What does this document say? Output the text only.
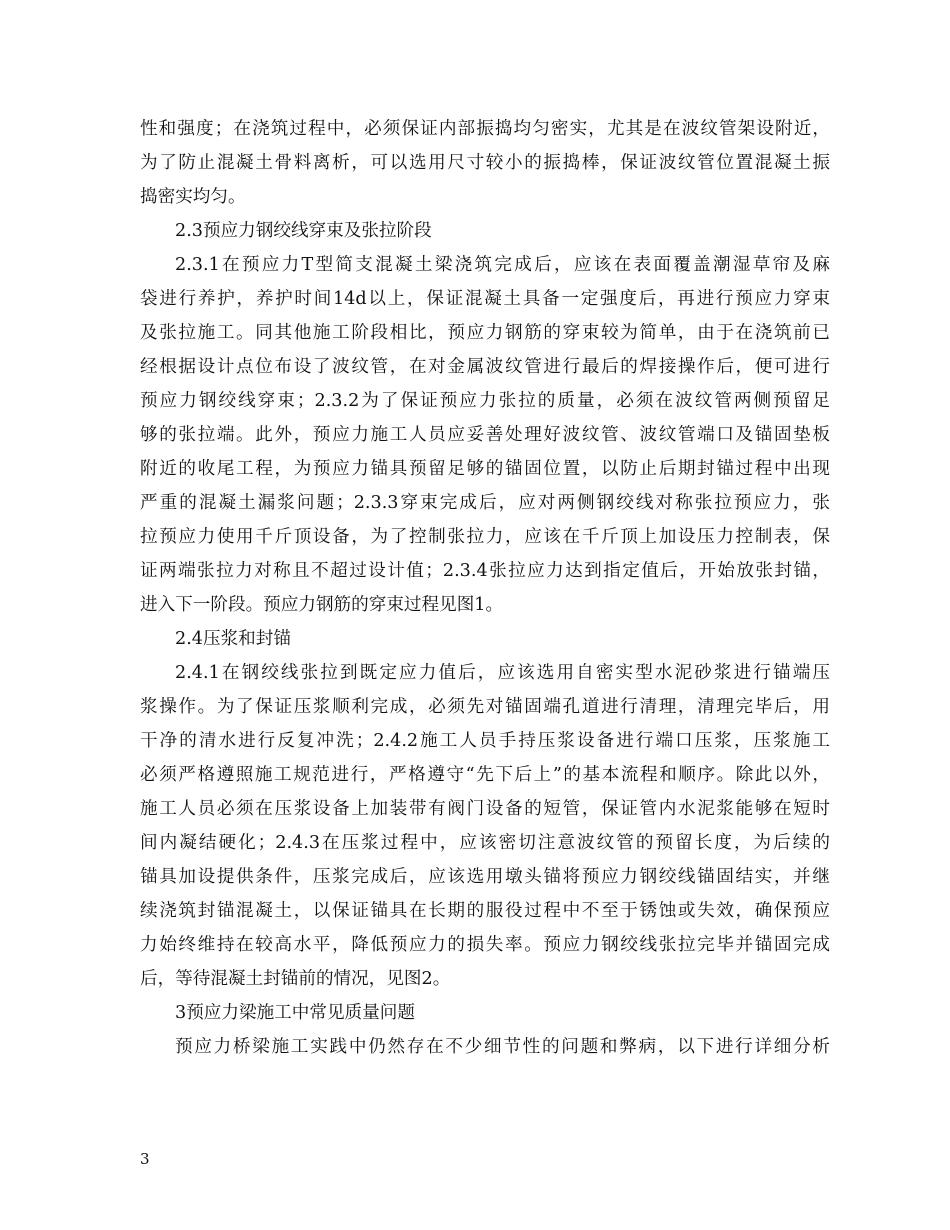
性和强度；在浇筑过程中，必须保证内部振捣均匀密实，尤其是在波纹管架设附近，
为了防止混凝土骨料离析，可以选用尺寸较小的振捣棒，保证波纹管位置混凝土振
捣密实均匀。
2.3预应力钢绞线穿束及张拉阶段
2.3.1在预应力T型简支混凝土梁浇筑完成后，应该在表面覆盖潮湿草帘及麻
袋进行养护，养护时间14d以上，保证混凝土具备一定强度后，再进行预应力穿束
及张拉施工。同其他施工阶段相比，预应力钢筋的穿束较为简单，由于在浇筑前已
经根据设计点位布设了波纹管，在对金属波纹管进行最后的焊接操作后，便可进行
预应力钢绞线穿束；2.3.2为了保证预应力张拉的质量，必须在波纹管两侧预留足
够的张拉端。此外，预应力施工人员应妥善处理好波纹管、波纹管端口及锚固垫板
附近的收尾工程，为预应力锚具预留足够的锚固位置，以防止后期封锚过程中出现
严重的混凝土漏浆问题；2.3.3穿束完成后，应对两侧钢绞线对称张拉预应力，张
拉预应力使用千斤顶设备，为了控制张拉力，应该在千斤顶上加设压力控制表，保
证两端张拉力对称且不超过设计值；2.3.4张拉应力达到指定值后，开始放张封锚，
进入下一阶段。预应力钢筋的穿束过程见图1。
2.4压浆和封锚
2.4.1在钢绞线张拉到既定应力值后，应该选用自密实型水泥砂浆进行锚端压
浆操作。为了保证压浆顺利完成，必须先对锚固端孔道进行清理，清理完毕后，用
干净的清水进行反复冲洗；2.4.2施工人员手持压浆设备进行端口压浆，压浆施工
必须严格遵照施工规范进行，严格遵守“先下后上”的基本流程和顺序。除此以外，
施工人员必须在压浆设备上加装带有阀门设备的短管，保证管内水泥浆能够在短时
间内凝结硬化；2.4.3在压浆过程中，应该密切注意波纹管的预留长度，为后续的
锚具加设提供条件，压浆完成后，应该选用墩头锚将预应力钢绞线锚固结实，并继
续浇筑封锚混凝土，以保证锚具在长期的服役过程中不至于锈蚀或失效，确保预应
力始终维持在较高水平，降低预应力的损失率。预应力钢绞线张拉完毕并锚固完成
后，等待混凝土封锚前的情况，见图2。
3预应力梁施工中常见质量问题
预应力桥梁施工实践中仍然存在不少细节性的问题和弊病，以下进行详细分析
3
